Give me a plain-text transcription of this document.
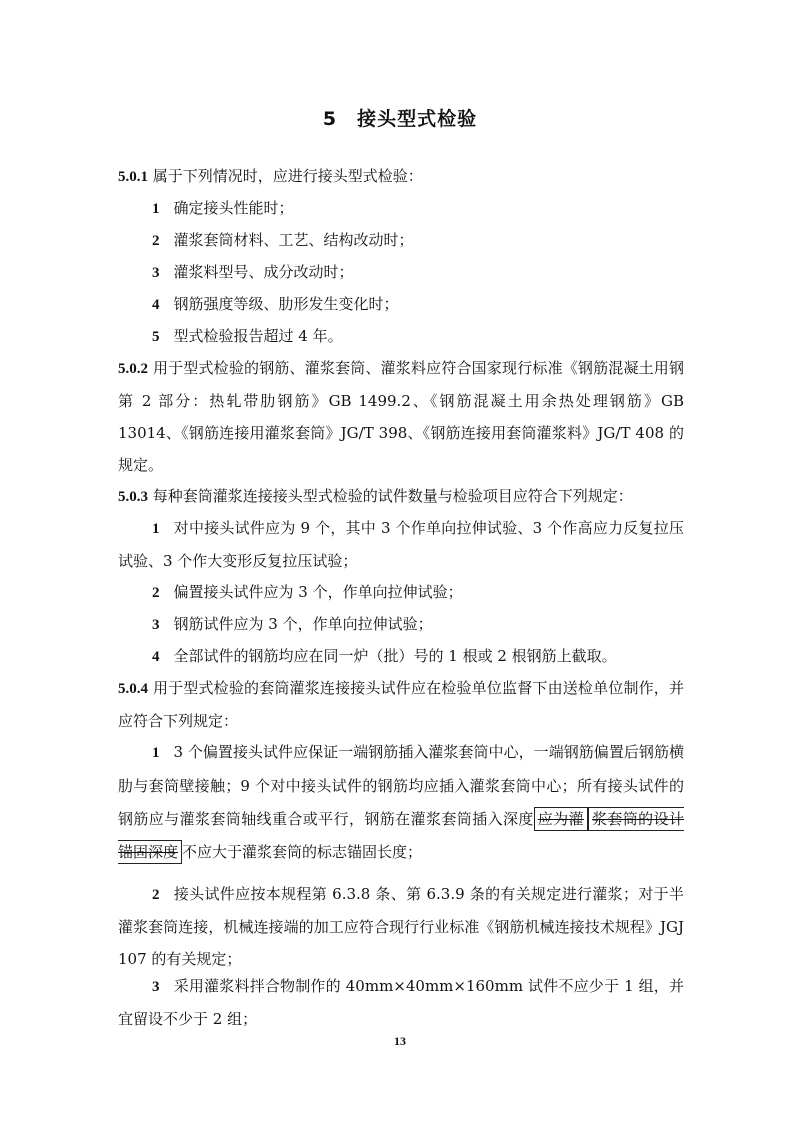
5 接头型式检验
5.0.1 属于下列情况时，应进行接头型式检验：
1 确定接头性能时；
2 灌浆套筒材料、工艺、结构改动时；
3 灌浆料型号、成分改动时；
4 钢筋强度等级、肋形发生变化时；
5 型式检验报告超过 4 年。
5.0.2 用于型式检验的钢筋、灌浆套筒、灌浆料应符合国家现行标准《钢筋混凝土用钢 第 2 部分：热轧带肋钢筋》GB 1499.2、《钢筋混凝土用余热处理钢筋》GB 13014、《钢筋连接用灌浆套筒》JG/T 398、《钢筋连接用套筒灌浆料》JG/T 408 的规定。
5.0.3 每种套筒灌浆连接接头型式检验的试件数量与检验项目应符合下列规定：
1 对中接头试件应为 9 个，其中 3 个作单向拉伸试验、3 个作高应力反复拉压试验、3 个作大变形反复拉压试验；
2 偏置接头试件应为 3 个，作单向拉伸试验；
3 钢筋试件应为 3 个，作单向拉伸试验；
4 全部试件的钢筋均应在同一炉（批）号的 1 根或 2 根钢筋上截取。
5.0.4 用于型式检验的套筒灌浆连接接头试件应在检验单位监督下由送检单位制作，并应符合下列规定：
1 3 个偏置接头试件应保证一端钢筋插入灌浆套筒中心，一端钢筋偏置后钢筋横肋与套筒壁接触；9 个对中接头试件的钢筋均应插入灌浆套筒中心；所有接头试件的钢筋应与灌浆套筒轴线重合或平行，钢筋在灌浆套筒插入深度 应为灌 浆套筒的设计锚固深度 不应大于灌浆套筒的标志锚固长度；
2 接头试件应按本规程第 6.3.8 条、第 6.3.9 条的有关规定进行灌浆；对于半灌浆套筒连接，机械连接端的加工应符合现行行业标准《钢筋机械连接技术规程》JGJ 107 的有关规定；
3 采用灌浆料拌合物制作的 40mm×40mm×160mm 试件不应少于 1 组，并宜留设不少于 2 组；
13
